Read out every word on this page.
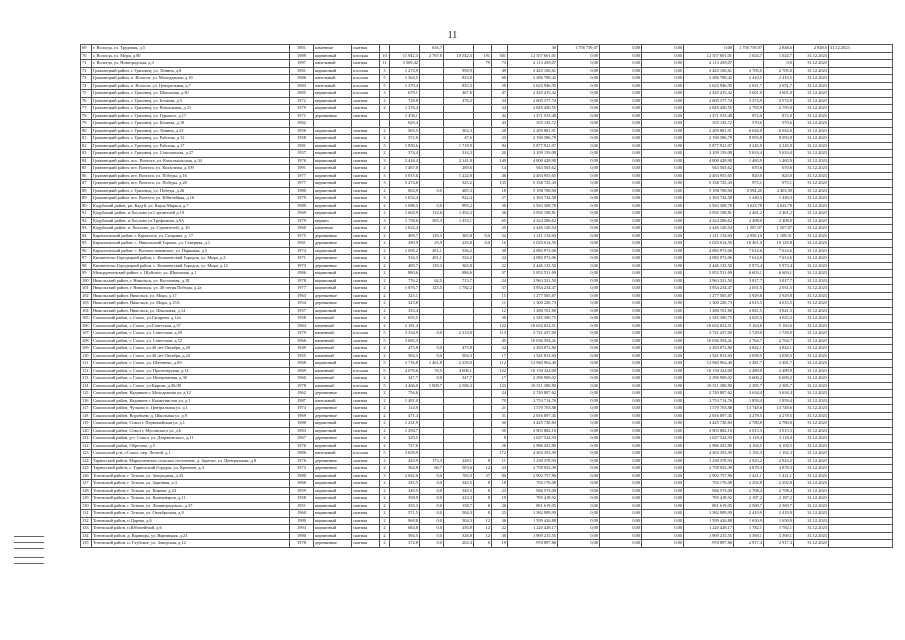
11
69	г. Вологда, ул. Трудовая, д.5	1801	каменные	скатная			616,7				30	1 756 739,07	0,00	0,00	0,00	1 756 739,07	2 848,6	2 848,6	31.12.2023
70	г. Вологда, ул. Мира, д.80	1989	кирпичный	плоская	10	11 942,3	2 767,8	10 542,3	191	301	12 357 601,01	0,00	0,00	0,00	12 357 601,01	1 024,7	1 024,7	31.12.2023	
71	г. Вологда, ул. Новгородская, д.3	1997	панельный	скатная	11	3 569,42			79	73	2 113 458,07	0,00	0,00	0,00	2 113 458,07		0,0	31.12.2023	
72	Грязовецкий район, г. Грязовец, ул. Ленина, д.8	1961	кирпичный	плоская	3	1 272,9		958,9		49	3 443 160,61	0,00	0,00	0,00	3 443 160,61	3 705,0	2 705,0	31.12.2023	
73	Грязовецкий район, п. Вохтога, ул. Молодежная, д.19	1986	панельный	плоская	5	1 363,5		823,0		60	3 286 700,42	0,00	0,00	0,00	3 286 700,42	2 410,5	2 410,5	31.12.2023	
74	Грязовецкий район, п. Вохтога, ул. Центральная, д.7	1983	панельный	плоская	5	1 370,4		835,3		59	3 625 946,95	0,00	0,00	0,00	3 625 946,95	2 651,7	2 651,7	31.12.2023	
75	Грязовецкий район, г. Грязовец, ул. Школьная, д.30	1985	кирпичный	плоская	3	679,1		467,6		47	2 445 415,42	0,00	0,00	0,00	2 445 415,42	3 601,0	3 601,0	31.12.2023	
76	Грязовецкий район, г. Грязовец, ул. Беляева, д.5	1972	кирпичный	скатная	2	728,8		476,3		34	2 605 377,74	0,00	0,00	0,00	2 605 377,74	3 574,9	3 574,9	31.12.2023	
77	Грязовецкий район, г. Грязовец, ул. Вокзальная, д.21	1979	кирпичный	скатная	2	1 376,4				34	2 845 450,55	0,00	0,00	0,00	2 845 450,55	2 793,9	2 793,9	31.12.2023	
78	Грязовецкий район, г. Грязовец, ул. Горького, д.17	1971	деревянные	скатная		1 458,1				42	1 271 533,48	0,00	0,00	0,00	1 271 533,48	872,0	872,0	31.12.2023	
79	Грязовецкий район, г. Грязовец, ул. Беляева, д.18	1962				629,4				43	355 145,72	0,00	0,00	0,00	355 145,72	570,6	570,6	31.12.2023	
80	Грязовецкий район, г. Грязовец, ул. Ленина, д.22	1956	кирпичный	скатная	2	565,5		302,3		20	2 209 881,91	0,00	0,00	0,00	2 209 881,91	6 044,0	6 044,0	31.12.2023	
81	Грязовецкий район, г. Грязовец, ул. Рабочая, д.12	1958	кирпичный	скатная	2	572,6		47,6		23	2 196 386,79	0,00	0,00	0,00	2 196 386,79	8 093,8	8 093,8	31.12.2023	
82	Грязовецкий район, г. Грязовец, ул. Рабочая, д.17	1981	кирпичный	скатная	3	1 850,6		1 718,9		84	5 877 921,07	0,00	0,00	0,00	5 877 921,07	3 245,9	3 245,9	31.12.2023	
83	Грязовецкий район, г. Грязовец, ул. Соколовская, д.27	1957	кирпичный	скатная	2	374,4		314,3		20	2 109 159,08	0,00	0,00	0,00	2 109 159,08	5 633,4	5 633,4	31.12.2023	
84	Грязовецкий район, пос. Вохтога, ул. Комсомольская, д.34	1976	кирпичный	скатная	3	2 416,4		2 141,8		140	4 800 428,98	0,00	0,00	0,00	4 800 428,98	1 465,9	1 465,9	31.12.2023	
85	Грязовецкий район, пгт. Вохтога, ул. Колхозная, д.109	1991	кирпичный	скатная	2	1 467,0		289,6		14	943 503,62	0,00	0,00	0,00	943 503,62	670,6	670,6	31.12.2023	
86	Грязовецкий район, пгт. Вохтога, ул. Победы, д.16	1977	кирпичный	скатная	3	3 015,6		1 222,0		46	2 484 955,65	0,00	0,00	0,00	2 484 955,65	820,0	820,0	31.12.2023	
87	Грязовецкий район, пгт. Вохтога, ул. Победы, д.20	1977	кирпичный	скатная	3	5 474,8		325,2		135	5 338 725,43	0,00	0,00	0,00	5 338 725,43	975,1	975,1	31.12.2023	
88	Грязовецкий район, г. Грязовец, ул. Победы, д.26	1980	кирпичный	скатная	2	604,9	0,0	485,3		18	5 198 768,00	0,00	0,00	0,00	5 198 768,00	8 594,20	4 403,50	31.12.2023	
89	Грязовецкий район, пгт. Вохтога, ул. Юбилейная, д.16	1979	кирпичный	скатная	3	1 652,4		922,4		27	2 394 742,58	0,00	0,00	0,00	2 394 742,58	1 449,3	1 449,3	31.12.2023	
90	Кадуйский район, рп. Кадуй, ул. Карла Маркса, д.7	1989	кирпичный	скатная	2	1 088,3	0,0	995,2		30	3 943 308,78	0,00	0,00	0,00	3 943 308,78	3 623,78	3 623,78	31.12.2023	
91	Кадуйский район, п.Хохлово ул.Строителей д.10	1969	кирпичный	скатная	2	1 604,9	132,6	1 492,2		36	3 950 198,81	0,00	0,00	0,00	3 950 198,81	2 461,2	2 461,2	31.12.2023	
92	Кадуйский район, п.Хохлово ул.Трофимова д.9А	1979	кирпич	скатная	3	1 758,6	305,3	1 453,1		65	4 224 286,62	0,00	0,00	0,00	4 224 286,62	2 408,0	2 408,0	31.12.2023	
93	Кадуйский район, п. Хохлово, ул. Строителей, д. 20	1960	каменные	скатная	2	1 624,4				25	2 446 120,54	0,00	0,00	0,00	2 446 120,54	1 507,07	1 507,07	31.12.2023	
94	Кирилловский район, г. Кириллов, ул. Гагарина, д. 17	1975	деревянные	скатная	2	409,7	139,3	365,8	0,0	22	1 211 134,60	0,00	0,00	0,00	1 211 134,60	2 956,10	1 108,51	31.12.2023	
95	Кирилловский район, с. Никольский Торжок, ул. Северная, д.1	1961	деревянные	скатная	2	290,9	25,9	235,8	0,0	16	3 025 614,50	0,00	0,00	0,00	3 025 614,50	10 401,0	10 129,8	31.12.2023	
96	Кирилловский район, с. Волокославинское, ул. Парковая, д.5	1974	кирпичный	скатная	2	1 005,2	201,1	536,2		30	4 082 972,06	0,00	0,00	0,00	4 082 972,06	7 614,6	7 614,6	31.12.2023	
97	Кичменгско-Городецкий район, с. Кичменгский Городок, ул. Мира, д.3	1971	деревянные	скатная	2	534,3	201,1	534,2		24	4 082 972,06	0,00	0,00	0,00	4 082 972,06	7 614,6	7 614,6	31.12.2023	
98	Кичменгско-Городецкий район, с. Кичменгский Городок, ул. Мира, д.12	1973	деревянные	скатная	2	409,7	139,3	365,8		22	2 446 133,50	0,00	0,00	0,00	2 446 133,50	5 973,4	5 973,4	31.12.2023	
99	Междуреченский район, с. Шуйское, ул. Школьная, д.1	1986	кирпичный	скатная	2	880,6		886,6		37	5 852 531,69	0,00	0,00	0,00	5 852 531,69	6 603,1	6 603,1	31.12.2023	
100	Никольский район, г. Никольск, ул. Восточная, д.18	1978	кирпичный	скатная	2	776,2	62,5	713,7		24	2 963 331,50	0,00	0,00	0,00	2 963 331,50	3 817,7	3 817,7	31.12.2023	
101	Никольский район, г. Никольск, ул. 40-летия Победы, д.2а	1977	кирпичный	скатная	2	1 876,7	125,5	1 782,2		37	3 854 234,47	0,00	0,00	0,00	3 854 234,47	2 051,5	2 051,5	31.12.2023	
102	Никольский район, Никольск, ул. Мира, д.17	1963	деревянные	скатная	2	325,1				15	1 277 565,87	0,00	0,00	0,00	1 277 565,87	3 929,8	3 929,8	31.12.2023	
103	Никольский район, Никольск, ул. Мира, д.15А	1954	деревянные	скатная	2	323,8				11	1 300 226,73	0,00	0,00	0,00	1 300 226,73	4 015,5	4 015,5	31.12.2023	
104	Никольский район, Никольск, ул. Школьная, д.14	1957	кирпичный	скатная	2	333,4				12	1 280 761,86	0,00	0,00	0,00	1 280 761,86	3 841,5	3 841,5	31.12.2023	
105	Сокольский район, г. Сокол, ул.Гагарина, д.12а	1958	каменный	скатная	2	655,5				30	2 545 390,75	0,00	0,00	0,00	2 545 390,75	4 025,3	4 025,3	31.12.2023	
106	Сокольский район, г. Сокол, ул.Советская, д.37	1964	каменный	скатная	2	2 181,4				122	10 632 024,51	0,00	0,00	0,00	10 632 024,51	5 163,6	5 163,6	31.12.2023	
107	Сокольский район, г. Сокол, ул. Советская, д.49	1979	каменный	плоская	5	3 334,9	0,0	2 314,0		113	3 721 437,00	0,00	0,00	0,00	3 721 437,00	1 729,0	1 729,0	31.12.2023	
108	Сокольский район, г. Сокол, ул. Советская, д.52	1966	каменный	скатная	5	3 683,3				45	10 036 594,41	0,00	0,00	0,00	10 036 594,41	2 764,7	2 764,7	31.12.2023	
109	Сокольский район, г. Сокол, ул.40 лет Октября, д.20	1949	каменный	скатная	2	475,8	0,0	475,8		22	2 293 872,80	0,00	0,00	0,00	2 293 872,80	4 842,1	4 842,1	31.12.2023	
110	Сокольский район, г. Сокол, ул.40 лет Октября, д.24	1955	каменный	скатная	2	504,3	0,0	504,3		17	1 541 812,60	0,00	0,00	0,00	1 541 812,60	3 058,5	3 058,5	31.12.2023	
111	Сокольский район, г. Сокол, ул. Шатенево, д.69	1968	кирпичный	скатная	5	3 716,8	1 461,8	2 255,0		112	12 940 964,40	0,00	0,00	0,00	12 940 964,40	3 481,7	3 481,7	31.12.2023	
112	Сокольский район, г. Сокол, ул. Пролетарская, д.14	1969	каменный	плоская	5	4 076,6	70,5	4 006,1		122	10 150 324,00	0,00	0,00	0,00	10 150 324,00	2 489,9	2 489,9	31.12.2023	
113	Сокольский район, г. Сокол, ул. Интернатная, д.30	1960	каменный	скатная	2	347,7	0,0	347,7		17	2 296 969,02	0,00	0,00	0,00	2 296 969,02	6 606,2	6 606,2	31.12.2023	
114	Сокольский район, г. Сокол, ул.Кирова, д.26/49	1978	каменный	плоская	5	4 466,0	1 809,7	2 596,3		123	10 511 390,80	0,00	0,00	0,00	10 511 390,80	2 385,7	2 385,7	31.12.2023	
115	Сокольский район, Кадников г, Молодежная ул, д.12	1962	деревянные	скатная	2	756,6				24	2 749 807,62	0,00	0,00	0,00	2 749 807,62	3 634,4	3 634,4	31.12.2023	
116	Сокольский район, Кадников г, Коммунистов ул, д.1	1987	панельный	скатная	2	1 481,0				70	2 753 714,76	0,00	0,00	0,00	2 753 714,76	1 859,4	1 859,4	31.12.2023	
117	Сокольский район, Чучково п, Центральная ул, д.1	1974	деревянные	скатная	2	114,9				21	1 579 703,88	0,00	0,00	0,00	1 579 703,88	13 748,6	13 748,6	31.12.2023	
118	Сокольский район, Воробьево д, Школьная ул, д.9	1969	деревянные	скатная	2	471,4				31	2 016 897,45	0,00	0,00	0,00	2 016 897,45	4 278,5	4 278,5	31.12.2023	
119	Сокольский район, Сокол г, Первомайская ул, д.1	1988	кирпичный	скатная	2	1 231,9				30	3 425 730,83	0,00	0,00	0,00	3 425 730,83	2 780,8	2 780,8	31.12.2023	
120	Сокольский район, Сокол г, Мусинского ул, д.6	1963	кирпичный	скатная	2	1 294,7				50	3 903 882,16	0,00	0,00	0,00	3 903 882,16	3 015,3	3 015,3	31.12.2023	
121	Сокольский район, р-с. Сокол, ул. Дзержинского, д.11	1967	деревянные	скатная	2	329,5				8	1 027 524,93	0,00	0,00	0,00	1 027 524,93	3 118,4	3 118,4	31.12.2023	
122	Сокольский район, Обрезово, д.5	1970	кирпичный	скатная	2	727,6				26	2 986 433,80	0,00	0,00	0,00	2 986 433,80	4 104,5	4 104,5	31.12.2023	
123	Сокольский р-н, г.Сокол, пер. Лесной, д.1	1986	панельный	плоская	5	3 659,9				172	4 363 353,99	0,00	0,00	0,00	4 363 353,99	1 192,3	1 192,3	31.12.2023	
124	Тарногский район, Маркушевское сельское поселение, д. Заречье, ул. Центральная, д.8	1976	деревянные	скатная	2	420,9	173,3	228,1	8	11	1 230 378,93	0,00	0,00	0,00	1 230 378,93	2 923,2	2 923,2	31.12.2023	
125	Тарногский район, с. Тарногский Городок, ул. Кремлев, д.4	1973	деревянные	скатная	2	564,8	66,7	503,6	12	23	2 758 053,39	0,00	0,00	0,00	2 758 053,39	4 878,3	4 878,3	31.12.2023	
126	Тотемский район, г. Тотьма, ул. Загородная, д.33	1980	кирпичный	скатная	3	2 042,6	0,0	765,5	27	80	2 902 757,86	0,00	0,00	0,00	2 902 757,86	1 421,1	1 421,1	31.12.2023	
127	Тотемский район, г. Тотьма, ул. Заречная, д.3	1966	кирпичный	скатная	2	345,5	0,0	345,5	8	18	792 176,08	0,00	0,00	0,00	792 176,08	2 292,8	2 292,8	31.12.2023	
128	Тотемский район, г. Тотьма, ул. Кирова, д.23	1959	кирпичный	скатная	2	349,5	0,0	349,5	8	23	946 573,09	0,00	0,00	0,00	946 573,09	2 708,4	2 708,4	31.12.2023	
129	Тотемский район, г. Тотьма, ул. Коммунаров, д.11	1958	кирпичный	скатная	2	358,9	0,0	223,3	8	19	785 418,92	0,00	0,00	0,00	785 418,92	2 187,2	2 187,2	31.12.2023	
130	Тотемский район, г. Тотьма, ул. Ленинградского, д.37	1951	кирпичный	скатная	2	335,3	0,0	158,7	8	20	861 619,05	0,00	0,00	0,00	861 619,05	2 569,7	2 569,7	31.12.2023	
131	Тотемский район, г. Тотьма, ул. Октябрьская, д.9	1960	кирпичный	скатная	2	571,5	0,0	504,3	8	25	1 382 909,99	0,00	0,00	0,00	1 382 909,99	2 419,9	2 419,9	31.12.2023	
132	Тотемский район, п.Царева, д.6	1980	кирпичный	скатная	2	968,8	0,0	504,3	12	36	1 599 426,88	0,00	0,00	0,00	1 599 426,88	1 650,9	1 650,9	31.12.2023	
133	Тотемский район, п.Юбилейный, д.6	1994	кирпичный	скатная	2	684,8	0,0	256,8	12	22	1 220 428,17	0,00	0,00	0,00	1 220 428,17	1 782,1	1 782,1	31.12.2023	
134	Тотемский район, д. Варницы, ул. Варницкая, д.23	1980	кирпичный	скатная	2	584,5	0,0	326,8	12	30	1 969 215,55	0,00	0,00	0,00	1 969 215,55	3 369,1	3 369,1	31.12.2023	
135	Тотемский район, п. Глубокое, ул. Заводская, д.12	1978	деревянные	скатная	2	372,8	0,0	202,4	8	19	970 897,86	0,00	0,00	0,00	970 897,86	2 917,4	2 917,4	31.12.2023	
